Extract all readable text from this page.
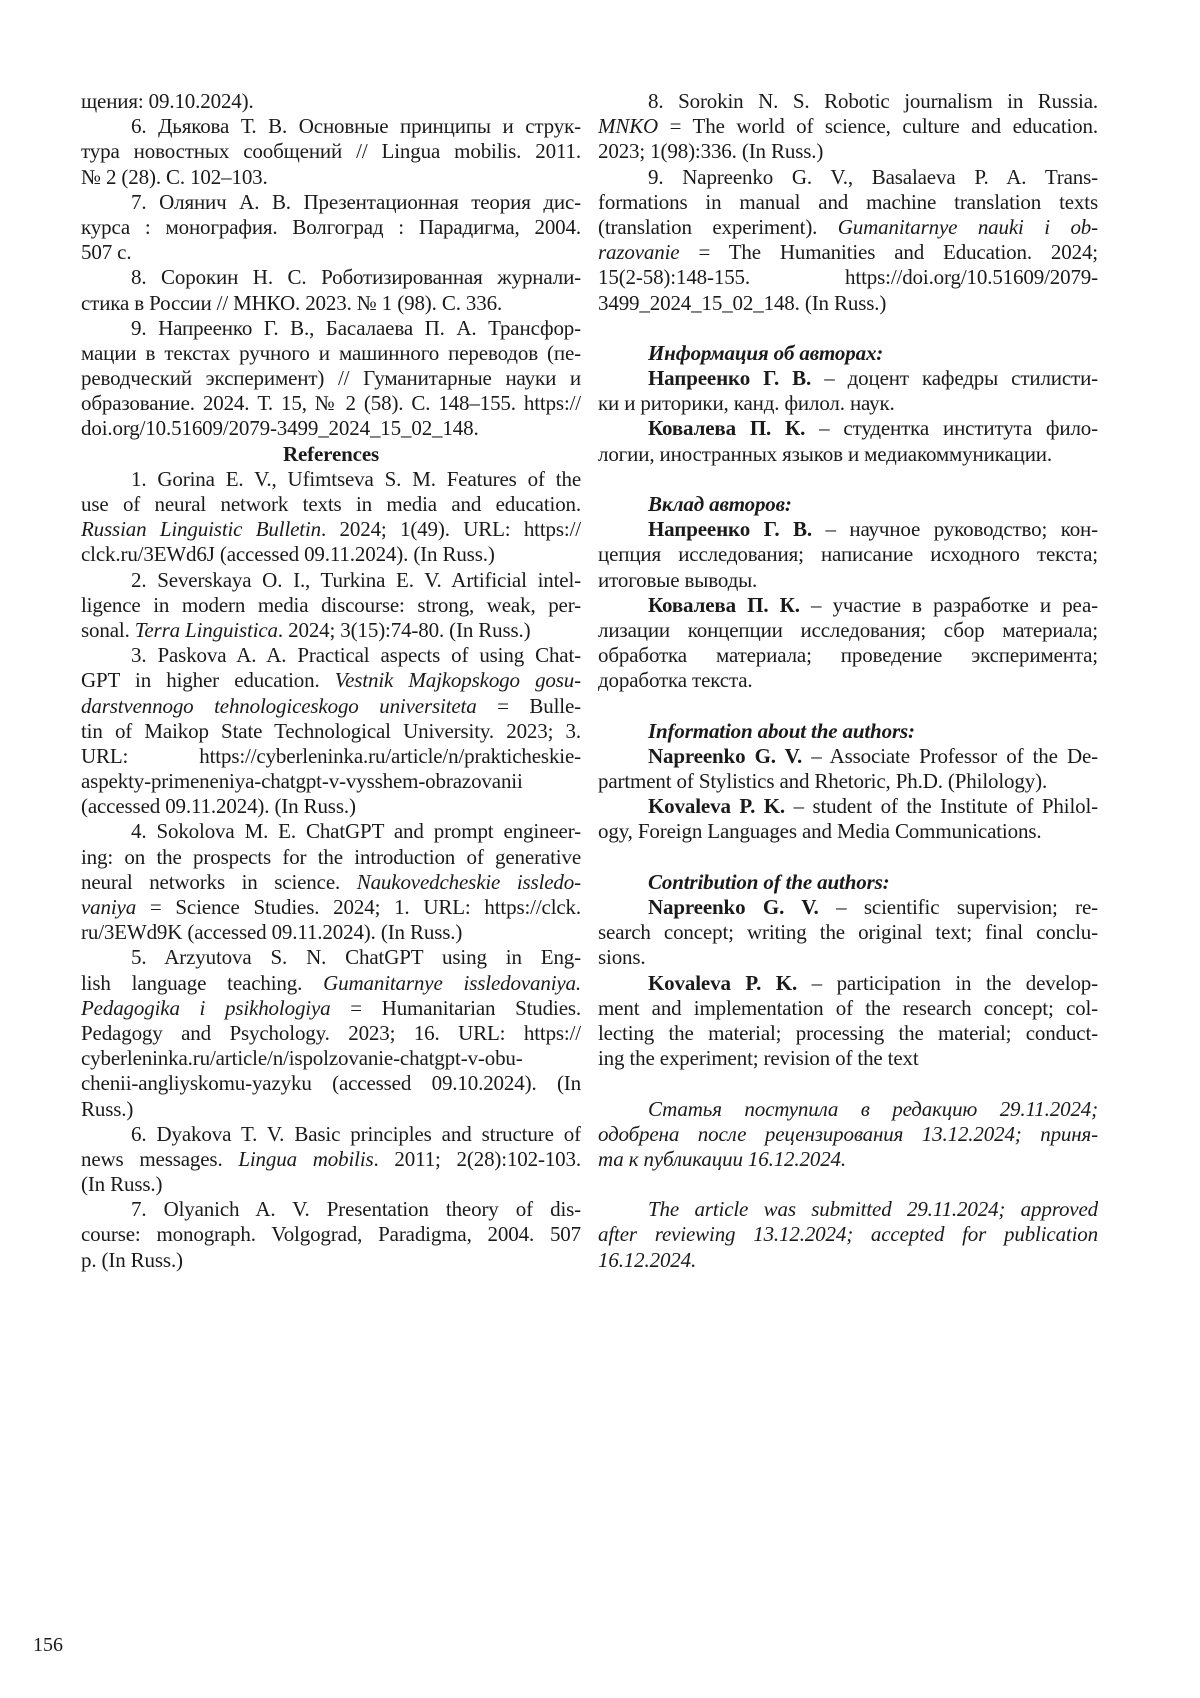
щения: 09.10.2024).
6. Дьякова Т. В. Основные принципы и струк-
тура новостных сообщений // Lingua mobilis. 2011.
№ 2 (28). С. 102–103.
7. Олянич А. В. Презентационная теория дис-
курса : монография. Волгоград : Парадигма, 2004.
507 с.
8. Сорокин Н. С. Роботизированная журнали-
стика в России // МНКО. 2023. № 1 (98). С. 336.
9. Напреенко Г. В., Басалаева П. А. Трансфор-
мации в текстах ручного и машинного переводов (пе-
реводческий эксперимент) // Гуманитарные науки и
образование. 2024. Т. 15, № 2 (58). С. 148–155. https://
doi.org/10.51609/2079-3499_2024_15_02_148.
References
1. Gorina E. V., Ufimtseva S. M. Features of the
use of neural network texts in media and education.
Russian Linguistic Bulletin. 2024; 1(49). URL: https://
clck.ru/3EWd6J (accessed 09.11.2024). (In Russ.)
2. Severskaya O. I., Turkina E. V. Artificial intel-
ligence in modern media discourse: strong, weak, per-
sonal. Terra Linguistica. 2024; 3(15):74-80. (In Russ.)
3. Paskova A. A. Practical aspects of using Chat-
GPT in higher education. Vestnik Majkopskogo gosu-
darstvennogo tehnologiceskogo universiteta = Bulle-
tin of Maikop State Technological University. 2023; 3.
URL: https://cyberleninka.ru/article/n/prakticheskie-
aspekty-primeneniya-chatgpt-v-vysshem-obrazovanii
(accessed 09.11.2024). (In Russ.)
4. Sokolova M. E. ChatGPT and prompt engineer-
ing: on the prospects for the introduction of generative
neural networks in science. Naukovedcheskie issledo-
vaniya = Science Studies. 2024; 1. URL: https://clck.
ru/3EWd9K (accessed 09.11.2024). (In Russ.)
5. Arzyutova S. N. ChatGPT using in Eng-
lish language teaching. Gumanitarnye issledovaniya.
Pedagogika i psikhologiya = Humanitarian Studies.
Pedagogy and Psychology. 2023; 16. URL: https://
cyberleninka.ru/article/n/ispolzovanie-chatgpt-v-obu-
chenii-angliyskomu-yazyku (accessed 09.10.2024). (In
Russ.)
6. Dyakova T. V. Basic principles and structure of
news messages. Lingua mobilis. 2011; 2(28):102-103.
(In Russ.)
7. Olyanich A. V. Presentation theory of dis-
course: monograph. Volgograd, Paradigma, 2004. 507
p. (In Russ.)
8. Sorokin N. S. Robotic journalism in Russia.
MNKO = The world of science, culture and education.
2023; 1(98):336. (In Russ.)
9. Napreenko G. V., Basalaeva P. A. Trans-
formations in manual and machine translation texts
(translation experiment). Gumanitarnye nauki i ob-
razovanie = The Humanities and Education. 2024;
15(2-58):148-155. https://doi.org/10.51609/2079-
3499_2024_15_02_148. (In Russ.)
Информация об авторах:
Напреенко Г. В. – доцент кафедры стилисти-
ки и риторики, канд. филол. наук.
Ковалева П. К. – студентка института фило-
логии, иностранных языков и медиакоммуникации.
Вклад авторов:
Напреенко Г. В. – научное руководство; кон-
цепция исследования; написание исходного текста;
итоговые выводы.
Ковалева П. К. – участие в разработке и реа-
лизации концепции исследования; сбор материала;
обработка материала; проведение эксперимента;
доработка текста.
Information about the authors:
Napreenko G. V. – Associate Professor of the De-
partment of Stylistics and Rhetoric, Ph.D. (Philology).
Kovaleva P. K. – student of the Institute of Philol-
ogy, Foreign Languages and Media Communications.
Contribution of the authors:
Napreenko G. V. – scientific supervision; re-
search concept; writing the original text; final conclu-
sions.
Kovaleva P. K. – participation in the develop-
ment and implementation of the research concept; col-
lecting the material; processing the material; conduct-
ing the experiment; revision of the text
Статья поступила в редакцию 29.11.2024;
одобрена после рецензирования 13.12.2024; приня-
та к публикации 16.12.2024.
The article was submitted 29.11.2024; approved
after reviewing 13.12.2024; accepted for publication
16.12.2024.
156
